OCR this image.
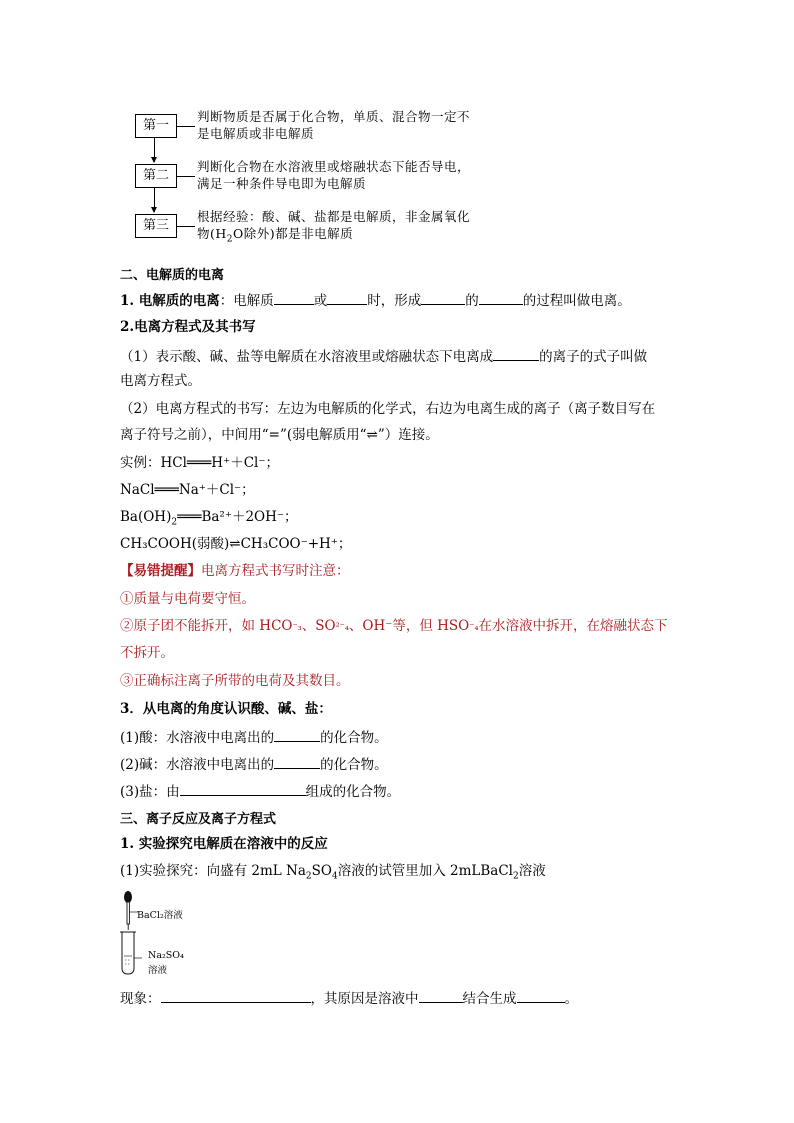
第一
判断物质是否属于化合物，单质、混合物一定不
是电解质或非电解质
第二
判断化合物在水溶液里或熔融状态下能否导电，
满足一种条件导电即为电解质
第三
根据经验：酸、碱、盐都是电解质，非金属氧化
物($H_2O$除外)都是非电解质
二、电解质的电离
1. 电解质的电离：电解质	或	时，形成	的	的过程叫做电离。
2.电离方程式及其书写
（1）表示酸、碱、盐等电解质在水溶液里或熔融状态下电离成	的离子的式子叫做
电离方程式。
（2）电离方程式的书写：左边为电解质的化学式，右边为电离生成的离子（离子数目写在
离子符号之前），中间用“=”(弱电解质用“⇌”）连接。
实例：HCl═══H⁺＋Cl⁻；
NaCl═══Na⁺＋Cl⁻；
$Ba(OH)_2═══Ba^{2+}+2OH^-$；
CH₃COOH(弱酸)⇌CH₃COO⁻+H⁺；
【易错提醒】电离方程式书写时注意：
①质量与电荷要守恒。
②原子团不能拆开，如 HCO⁻₃、SO²⁻₄、OH⁻等，但 HSO⁻₄在水溶液中拆开，在熔融状态下
不拆开。
③正确标注离子所带的电荷及其数目。
3．从电离的角度认识酸、碱、盐：
(1)酸：水溶液中电离出的	的化合物。
(2)碱：水溶液中电离出的	的化合物。
(3)盐：由	组成的化合物。
三、离子反应及离子方程式
1. 实验探究电解质在溶液中的反应
(1)实验探究：向盛有 2mL $Na_2SO_4$溶液的试管里加入 2mLBaCl$_2$溶液
BaCl₂溶液
Na₂SO₄
溶液
现象：	，其原因是溶液中	结合生成	。
